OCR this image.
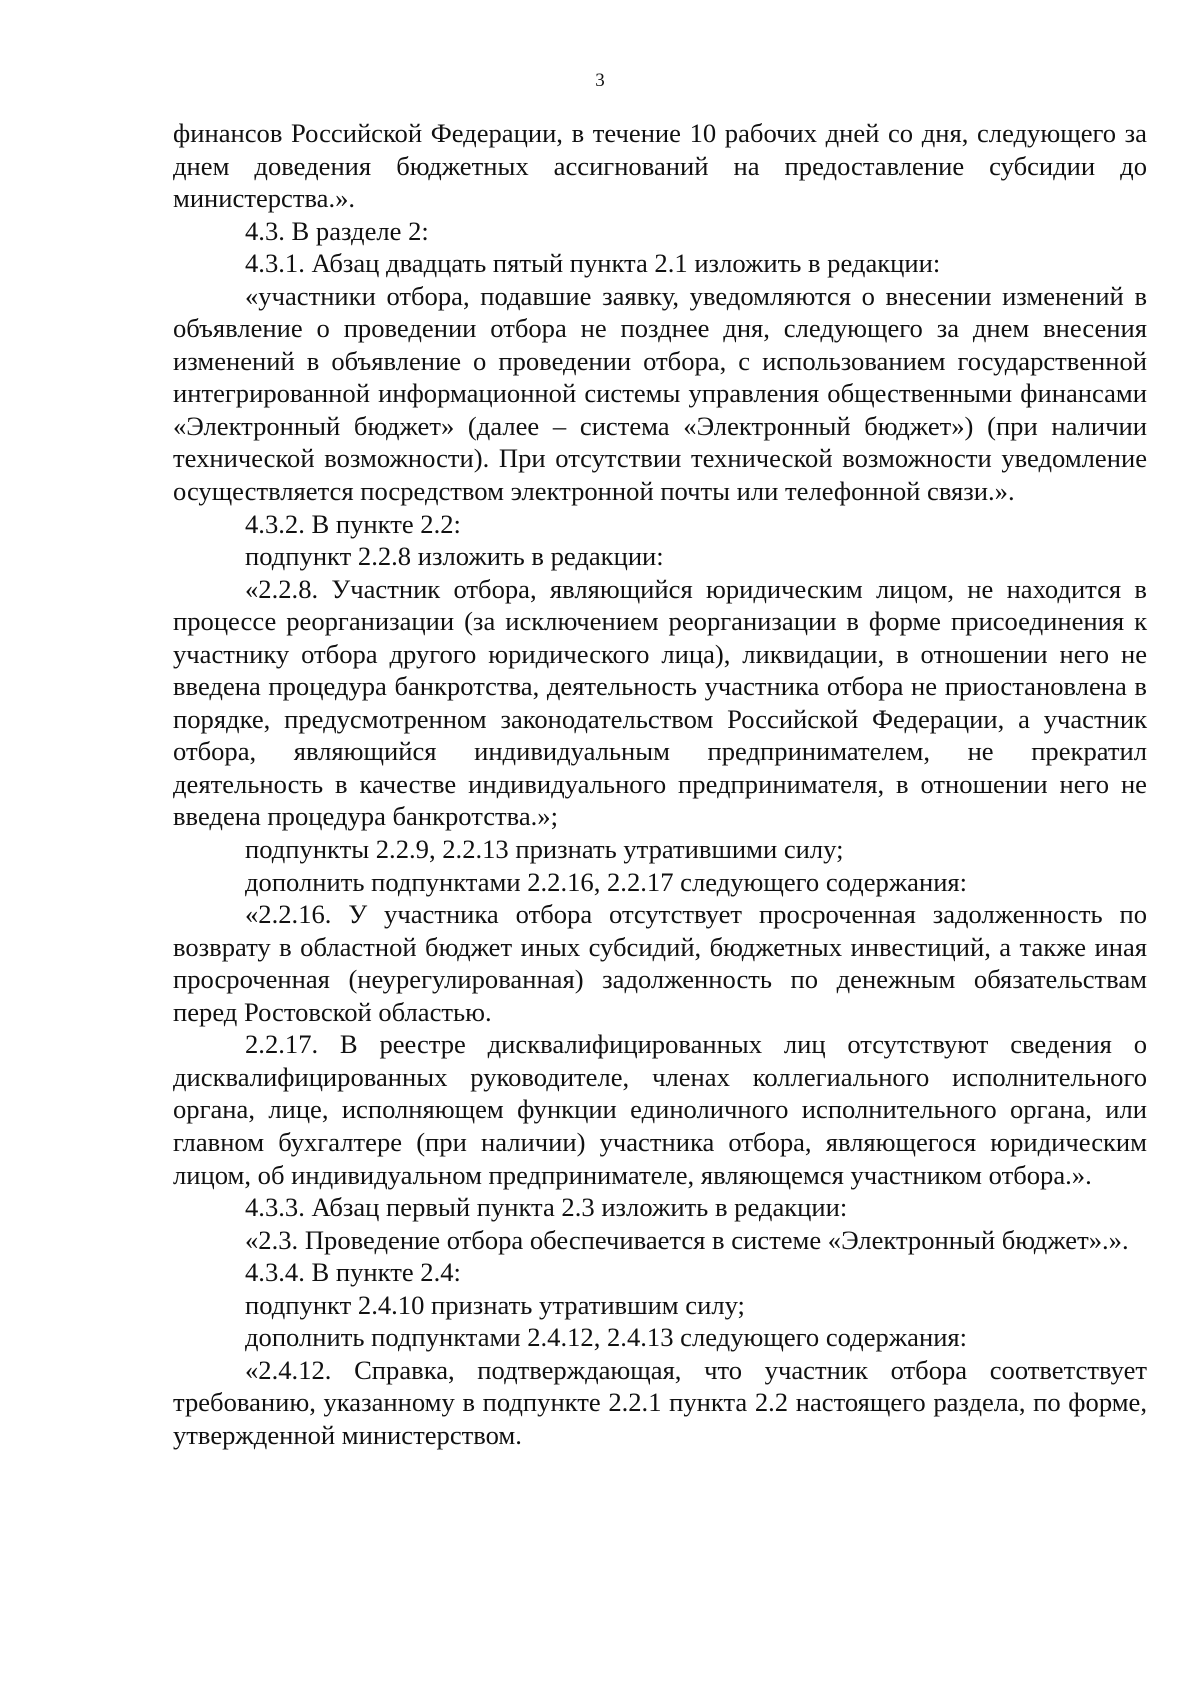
3

финансов Российской Федерации, в течение 10 рабочих дней со дня, следующего за днем доведения бюджетных ассигнований на предоставление субсидии до министерства.».

4.3. В разделе 2:

4.3.1. Абзац двадцать пятый пункта 2.1 изложить в редакции:

«участники отбора, подавшие заявку, уведомляются о внесении изменений в объявление о проведении отбора не позднее дня, следующего за днем внесения изменений в объявление о проведении отбора, с использованием государственной интегрированной информационной системы управления общественными финансами «Электронный бюджет» (далее – система «Электронный бюджет») (при наличии технической возможности). При отсутствии технической возможности уведомление осуществляется посредством электронной почты или телефонной связи.».

4.3.2. В пункте 2.2:

подпункт 2.2.8 изложить в редакции:

«2.2.8. Участник отбора, являющийся юридическим лицом, не находится в процессе реорганизации (за исключением реорганизации в форме присоединения к участнику отбора другого юридического лица), ликвидации, в отношении него не введена процедура банкротства, деятельность участника отбора не приостановлена в порядке, предусмотренном законодательством Российской Федерации, а участник отбора, являющийся индивидуальным предпринимателем, не прекратил деятельность в качестве индивидуального предпринимателя, в отношении него не введена процедура банкротства.»;

подпункты 2.2.9, 2.2.13 признать утратившими силу;

дополнить подпунктами 2.2.16, 2.2.17 следующего содержания:

«2.2.16. У участника отбора отсутствует просроченная задолженность по возврату в областной бюджет иных субсидий, бюджетных инвестиций, а также иная просроченная (неурегулированная) задолженность по денежным обязательствам перед Ростовской областью.

2.2.17. В реестре дисквалифицированных лиц отсутствуют сведения о дисквалифицированных руководителе, членах коллегиального исполнительного органа, лице, исполняющем функции единоличного исполнительного органа, или главном бухгалтере (при наличии) участника отбора, являющегося юридическим лицом, об индивидуальном предпринимателе, являющемся участником отбора.».

4.3.3. Абзац первый пункта 2.3 изложить в редакции:

«2.3. Проведение отбора обеспечивается в системе «Электронный бюджет».».

4.3.4. В пункте 2.4:

подпункт 2.4.10 признать утратившим силу;

дополнить подпунктами 2.4.12, 2.4.13 следующего содержания:

«2.4.12. Справка, подтверждающая, что участник отбора соответствует требованию, указанному в подпункте 2.2.1 пункта 2.2 настоящего раздела, по форме, утвержденной министерством.
